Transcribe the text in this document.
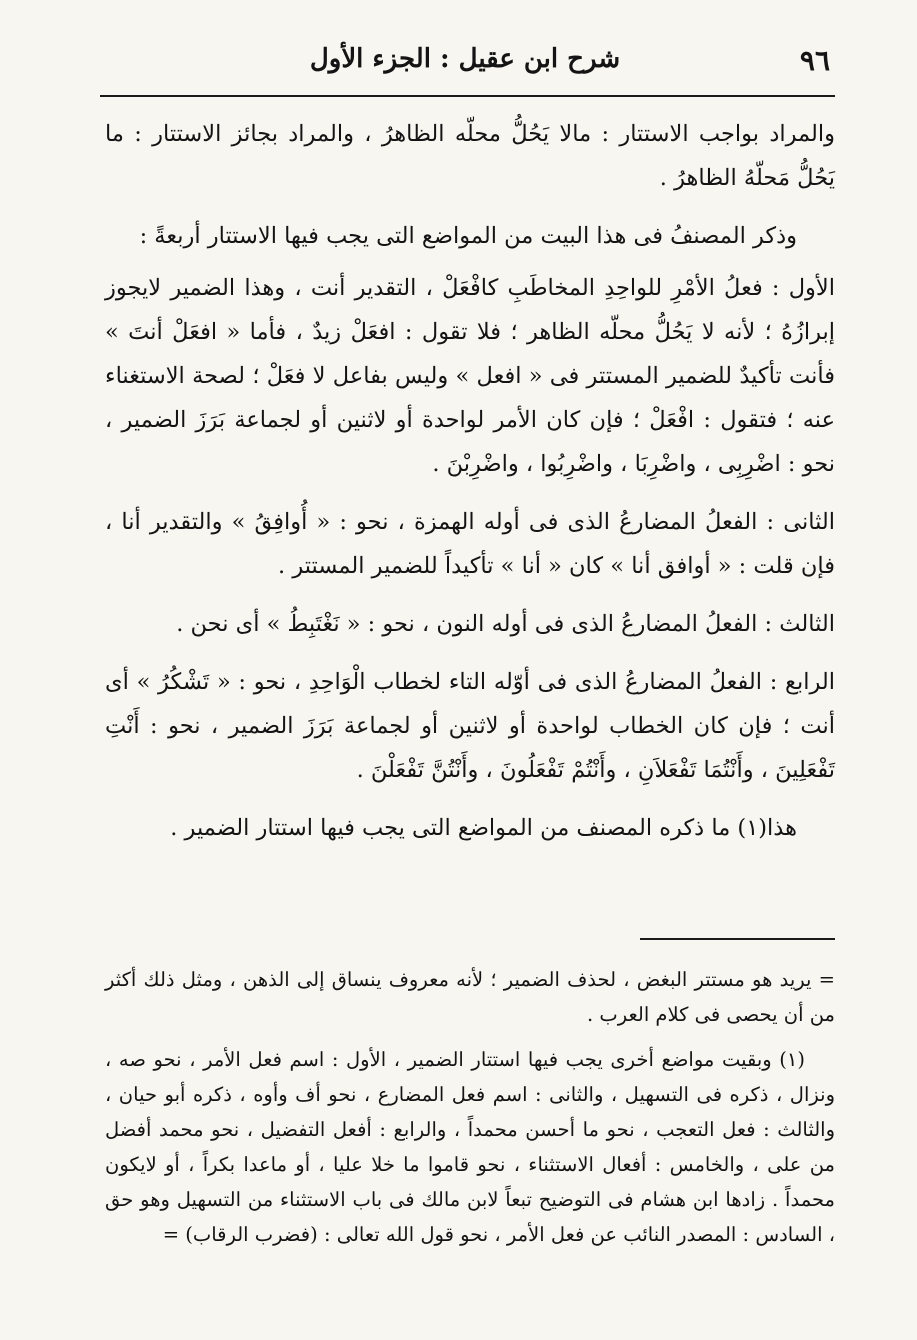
٩٦
شرح ابن عقيل : الجزء الأول

والمراد بواجب الاستتار : مالا يَحُلُّ محلّه الظاهرُ ، والمراد بجائز الاستتار : ما يَحُلُّ مَحلّهُ الظاهرُ .

وذكر المصنفُ فى هذا البيت من المواضع التى يجب فيها الاستتار أربعةً :

الأول : فعلُ الأمْرِ للواحِدِ المخاطَبِ كافْعَلْ ، التقدير أنت ، وهذا الضمير لايجوز إبرازُهُ ؛ لأنه لا يَحُلُّ محلّه الظاهر ؛ فلا تقول : افعَلْ زيدٌ ، فأما « افعَلْ أنتَ » فأنت تأكيدٌ للضمير المستتر فى « افعل » وليس بفاعل لا فعَلْ ؛ لصحة الاستغناء عنه ؛ فتقول : افْعَلْ ؛ فإن كان الأمر لواحدة أو لاثنين أو لجماعة بَرَزَ الضمير ، نحو : اضْرِبِى ، واضْرِبَا ، واضْرِبُوا ، واضْرِبْنَ .

الثانى : الفعلُ المضارعُ الذى فى أوله الهمزة ، نحو : « أُوافِقُ » والتقدير أنا ، فإن قلت : « أوافق أنا » كان « أنا » تأكيداً للضمير المستتر .

الثالث : الفعلُ المضارعُ الذى فى أوله النون ، نحو : « نَغْتَبِطُ » أى نحن .

الرابع : الفعلُ المضارعُ الذى فى أوّله التاء لخطاب الْوَاحِدِ ، نحو : « تَشْكُرُ » أى أنت ؛ فإن كان الخطاب لواحدة أو لاثنين أو لجماعة بَرَزَ الضمير ، نحو : أَنْتِ تَفْعَلِينَ ، وأَنْتُمَا تَفْعَلاَنِ ، وأَنْتُمْ تَفْعَلُونَ ، وأَنْتُنَّ تَفْعَلْنَ .

هذا(١) ما ذكره المصنف من المواضع التى يجب فيها استتار الضمير .

= يريد هو مستتر البغض ، لحذف الضمير ؛ لأنه معروف ينساق إلى الذهن ، ومثل ذلك أكثر من أن يحصى فى كلام العرب .

(١) وبقيت مواضع أخرى يجب فيها استتار الضمير ، الأول : اسم فعل الأمر ، نحو صه ، ونزال ، ذكره فى التسهيل ، والثانى : اسم فعل المضارع ، نحو أف وأوه ، ذكره أبو حيان ، والثالث : فعل التعجب ، نحو ما أحسن محمداً ، والرابع : أفعل التفضيل ، نحو محمد أفضل من على ، والخامس : أفعال الاستثناء ، نحو قاموا ما خلا عليا ، أو ماعدا بكراً ، أو لايكون محمداً . زادها ابن هشام فى التوضيح تبعاً لابن مالك فى باب الاستثناء من التسهيل وهو حق ، السادس : المصدر النائب عن فعل الأمر ، نحو قول الله تعالى : (فضرب الرقاب) =
